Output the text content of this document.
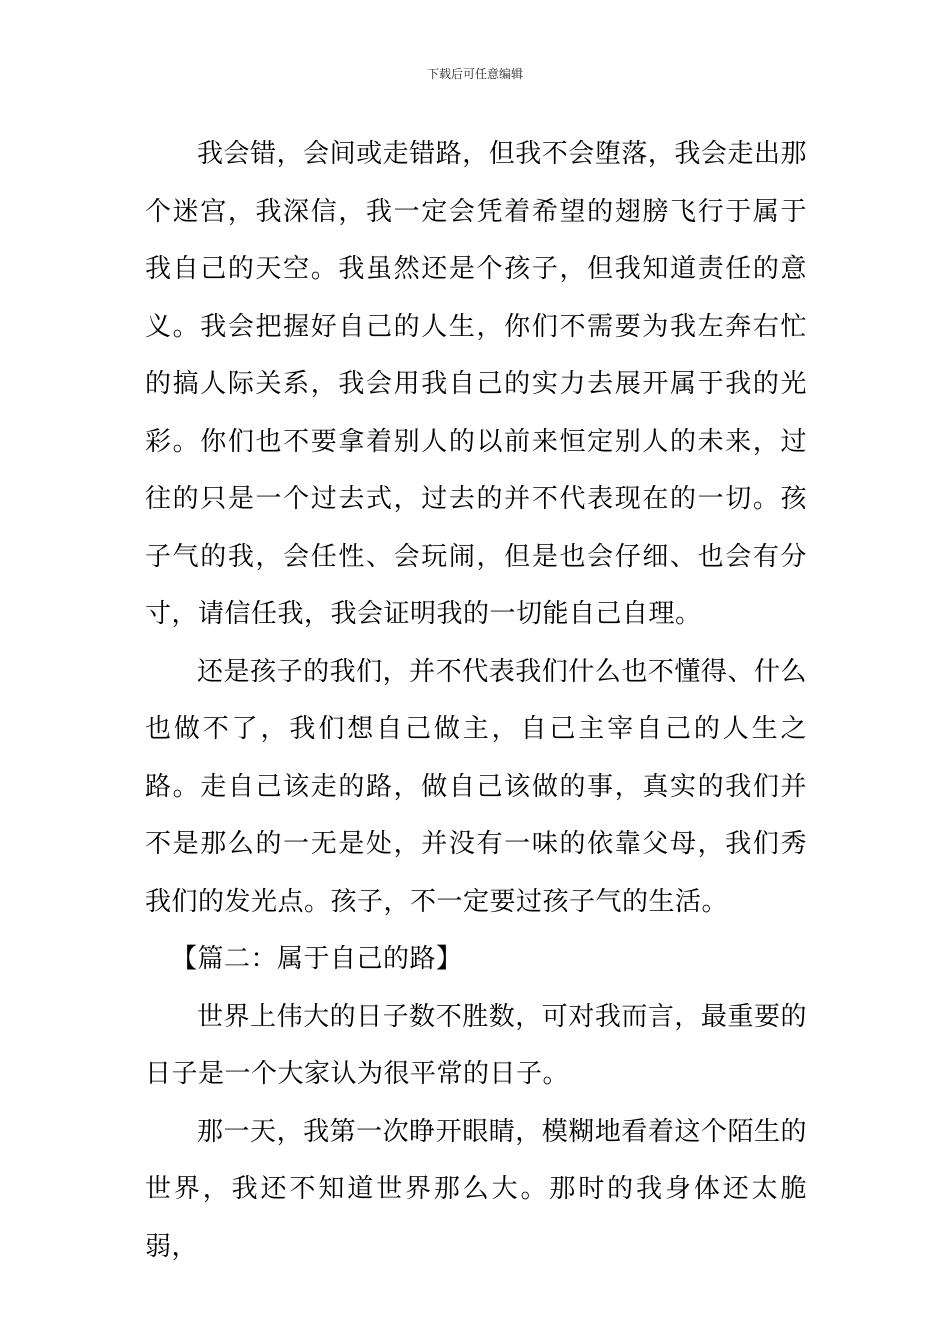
下载后可任意编辑

我会错，会间或走错路，但我不会堕落，我会走出那个迷宫，我深信，我一定会凭着希望的翅膀飞行于属于我自己的天空。我虽然还是个孩子，但我知道责任的意义。我会把握好自己的人生，你们不需要为我左奔右忙的搞人际关系，我会用我自己的实力去展开属于我的光彩。你们也不要拿着别人的以前来恒定别人的未来，过往的只是一个过去式，过去的并不代表现在的一切。孩子气的我，会任性、会玩闹，但是也会仔细、也会有分寸，请信任我，我会证明我的一切能自己自理。

还是孩子的我们，并不代表我们什么也不懂得、什么也做不了，我们想自己做主，自己主宰自己的人生之路。走自己该走的路，做自己该做的事，真实的我们并不是那么的一无是处，并没有一味的依靠父母，我们秀我们的发光点。孩子，不一定要过孩子气的生活。

【篇二：属于自己的路】

世界上伟大的日子数不胜数，可对我而言，最重要的日子是一个大家认为很平常的日子。

那一天，我第一次睁开眼睛，模糊地看着这个陌生的世界，我还不知道世界那么大。那时的我身体还太脆弱，
